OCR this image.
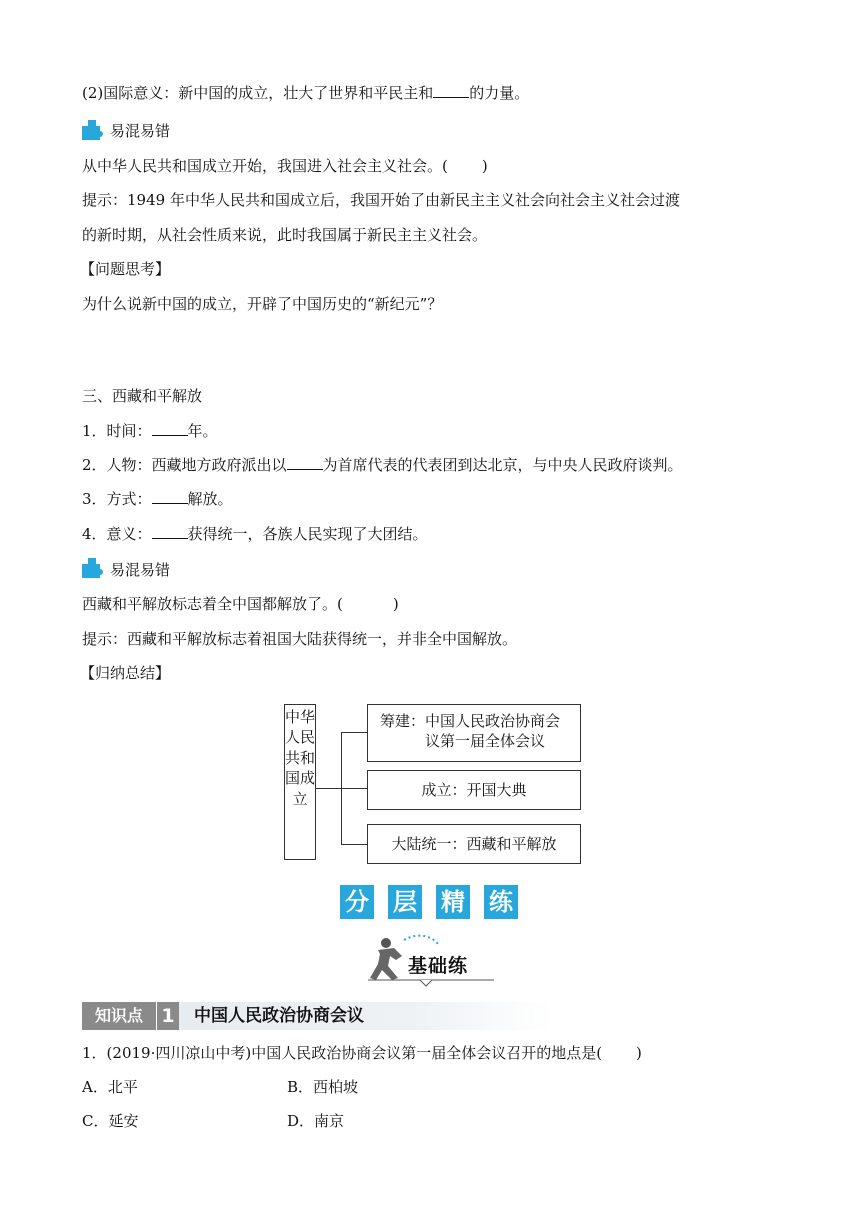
(2)国际意义：新中国的成立，壮大了世界和平民主和 的力量。
易混易错
从中华人民共和国成立开始，我国进入社会主义社会。( )
提示：1949 年中华人民共和国成立后，我国开始了由新民主主义社会向社会主义社会过渡
的新时期，从社会性质来说，此时我国属于新民主主义社会。
【问题思考】
为什么说新中国的成立，开辟了中国历史的“新纪元”？
三、西藏和平解放
1．时间： 年。
2．人物：西藏地方政府派出以 为首席代表的代表团到达北京，与中央人民政府谈判。
3．方式： 解放。
4．意义： 获得统一，各族人民实现了大团结。
易混易错
西藏和平解放标志着全中国都解放了。(	)
提示：西藏和平解放标志着祖国大陆获得统一，并非全中国解放。
【归纳总结】
中华人民共和国成立
筹建：中国人民政治协商会
议第一届全体会议
成立：开国大典
大陆统一：西藏和平解放
分 层 精 练
基础练
知识点 1 中国人民政治协商会议
1．(2019·四川凉山中考)中国人民政治协商会议第一届全体会议召开的地点是( )
A．北平	B．西柏坡
C．延安	D．南京
